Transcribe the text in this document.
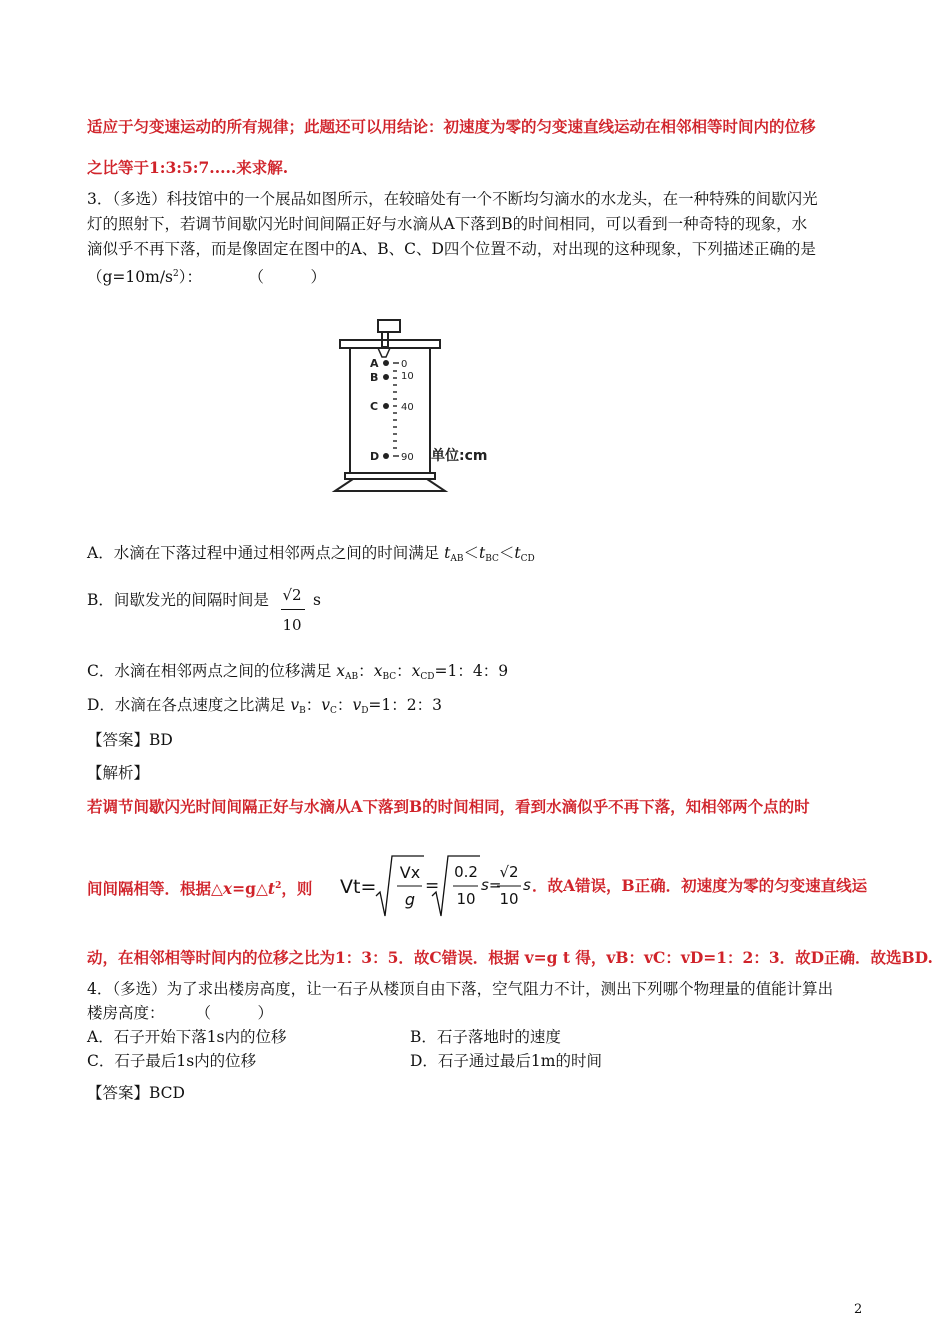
适应于匀变速运动的所有规律；此题还可以用结论：初速度为零的匀变速直线运动在相邻相等时间内的位移
之比等于1:3:5:7.....来求解.
3．（多选）科技馆中的一个展品如图所示，在较暗处有一个不断均匀滴水的水龙头，在一种特殊的间歇闪光
灯的照射下，若调节间歇闪光时间间隔正好与水滴从A下落到B的时间相同，可以看到一种奇特的现象，水
滴似乎不再下落，而是像固定在图中的A、B、C、D四个位置不动，对出现的这种现象，下列描述正确的是
$(g=10m/s^2)$：　　　　（　　　）
A
B
C
D
0
10
40
90 单位:cm
A．水滴在下落过程中通过相邻两点之间的时间满足 $t_{AB}<t_{BC}<t_{CD}$
B．间歇发光的间隔时间是 √2
10
s
C．水滴在相邻两点之间的位移满足 $x_{AB}$：$x_{BC}$：$x_{CD}=1$：4：9
D．水滴在各点速度之比满足 $v_B$：$v_C$：$v_D=1$：2：3
【答案】BD
【解析】
若调节间歇闪光时间间隔正好与水滴从A下落到B的时间相同，看到水滴似乎不再下落，知相邻两个点的时
间间隔相等．根据$\triangle x=g\triangle t^2$，则	Vt=
Vx
g
=
0.2
10
s=
√2
10
s ．故A错误，B正确．初速度为零的匀变速直线运
动，在相邻相等时间内的位移之比为1：3：5．故C错误．根据 v=g t 得，vB：vC：vD=1：2：3．故D正确．故选BD.
4．（多选）为了求出楼房高度，让一石子从楼顶自由下落，空气阻力不计，测出下列哪个物理量的值能计算出
楼房高度：　　　（　　　）
A．石子开始下落1s内的位移	B．石子落地时的速度
C．石子最后1s内的位移	D．石子通过最后1m的时间
【答案】BCD
2
